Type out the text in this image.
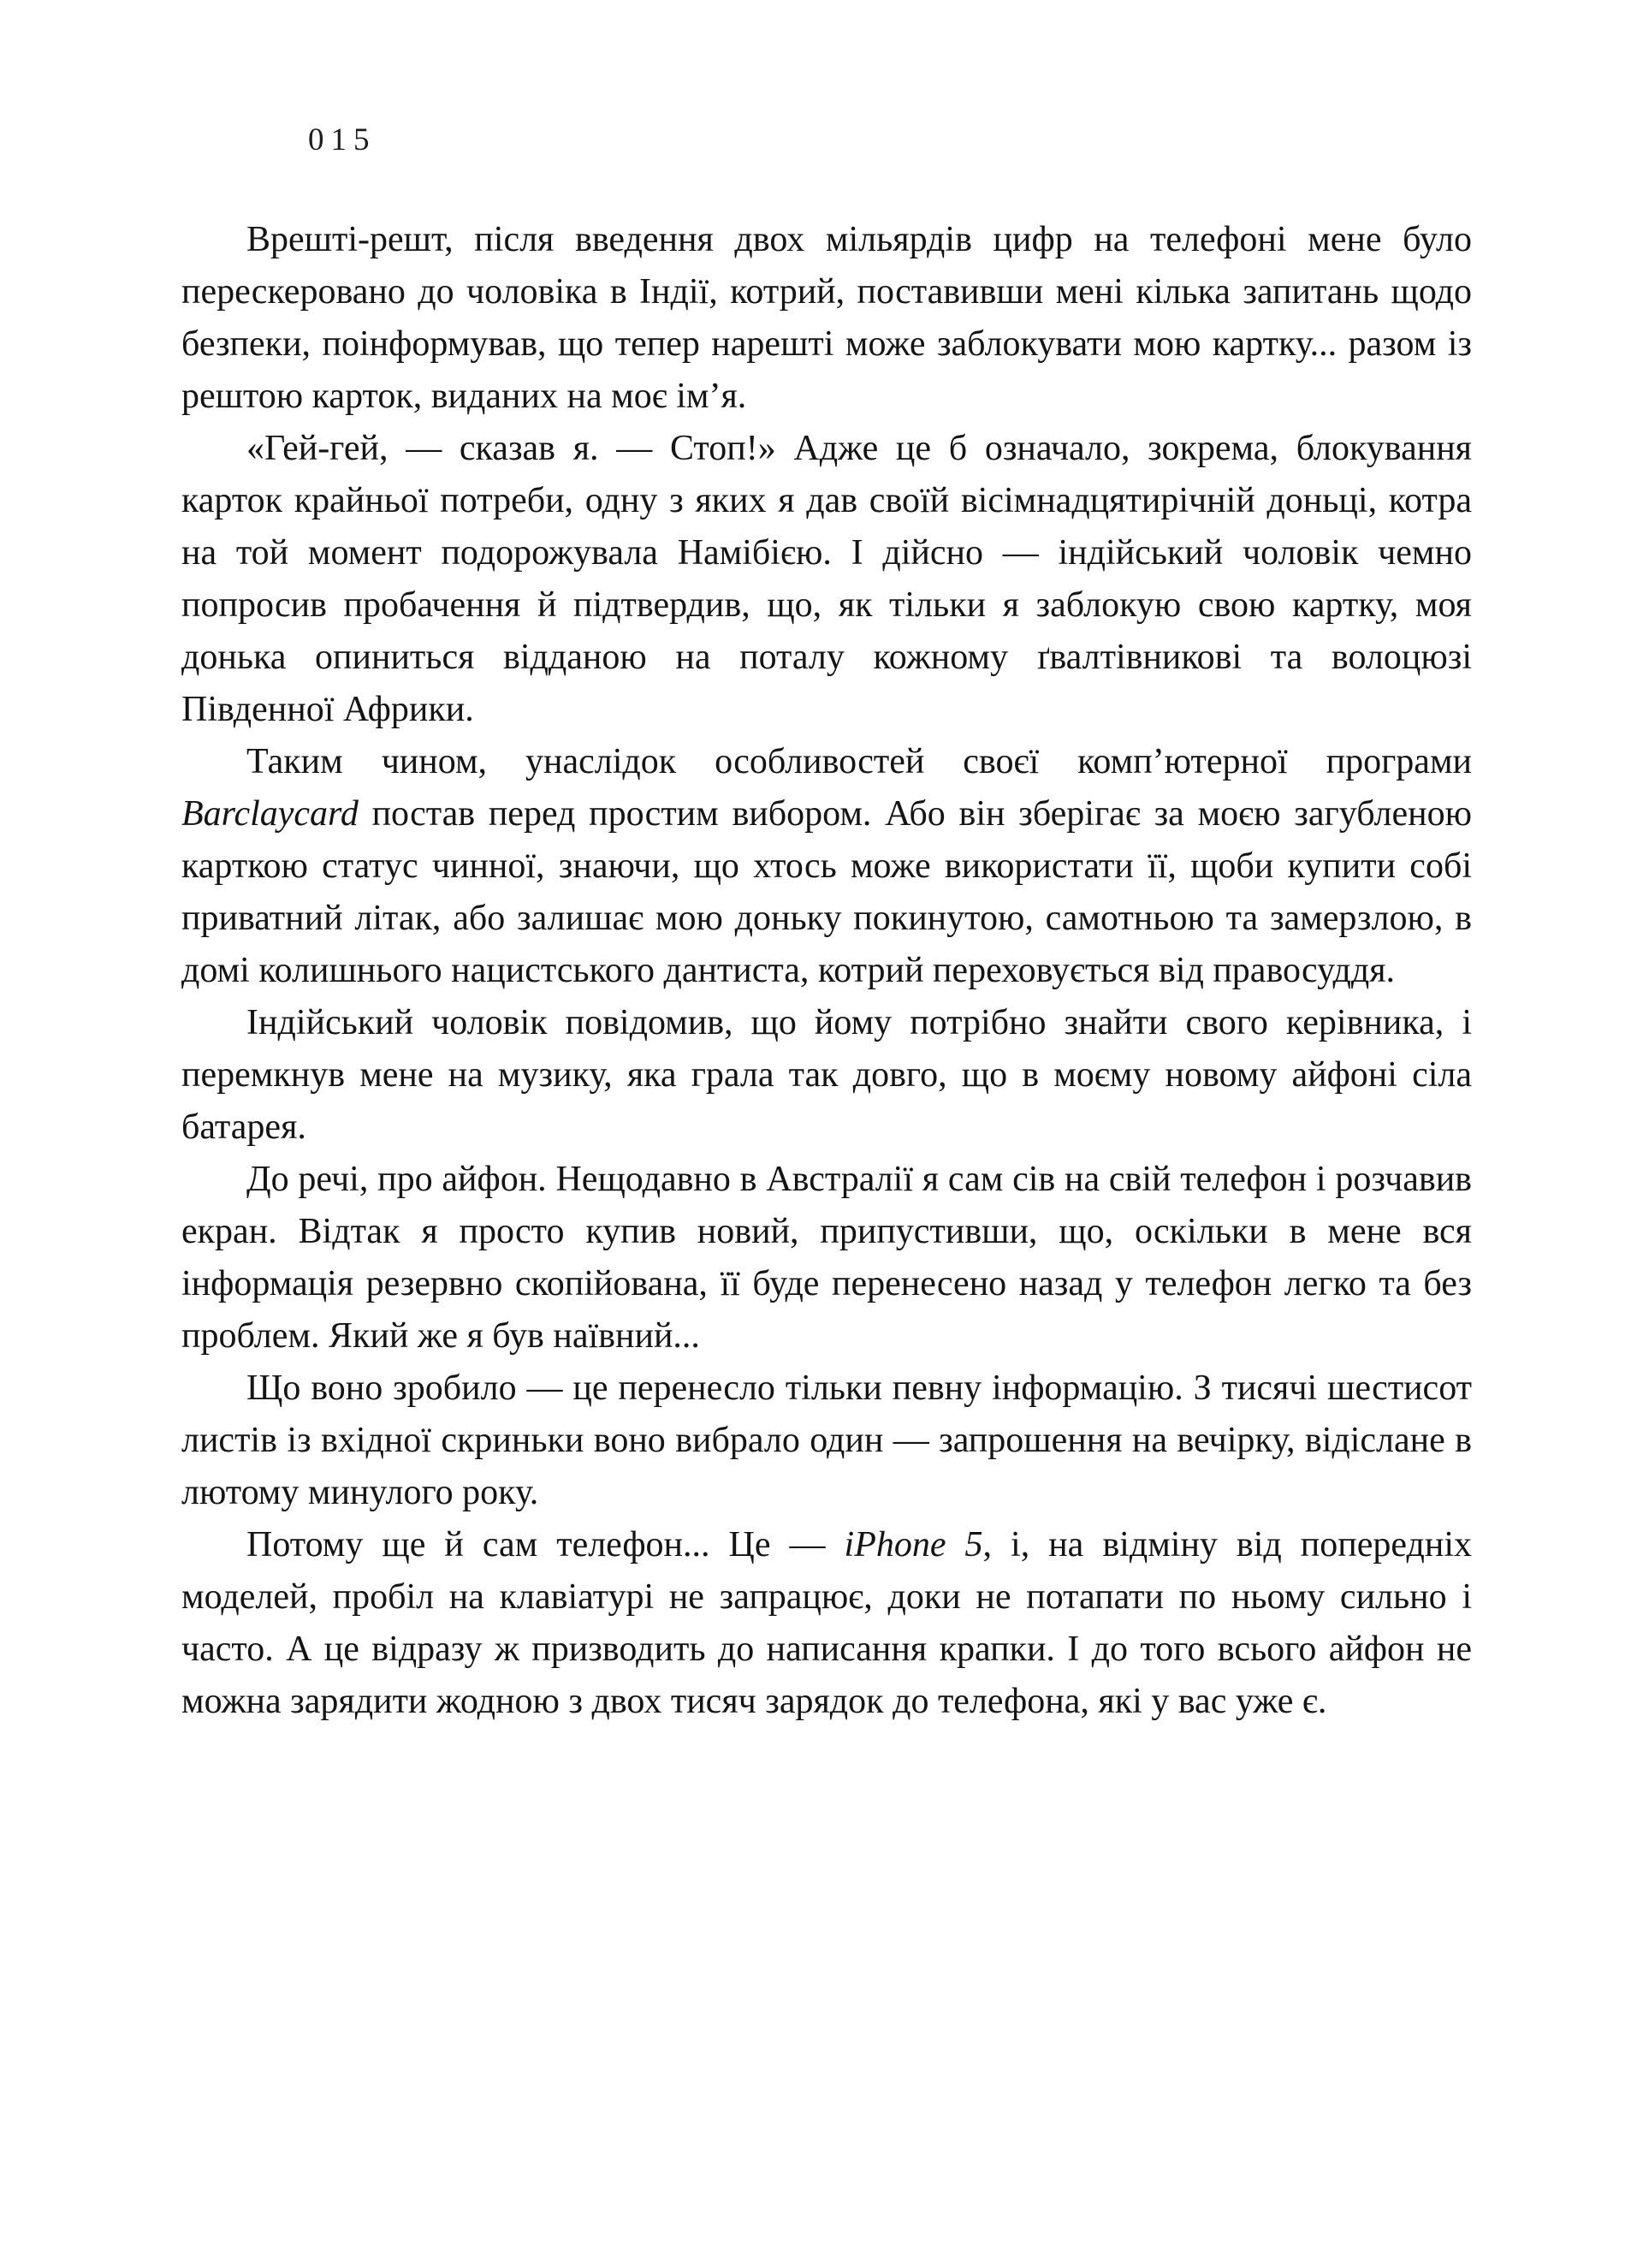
015

Врешті-решт, після введення двох мільярдів цифр на телефоні мене було перескеровано до чоловіка в Індії, котрий, поставивши мені кілька запитань щодо безпеки, поінформував, що тепер нарешті може заблокувати мою картку... разом із рештою карток, виданих на моє ім’я.

«Гей-гей, — сказав я. — Стоп!» Адже це б означало, зокрема, блокування карток крайньої потреби, одну з яких я дав своїй вісімнадцятирічній доньці, котра на той момент подорожувала Намібією. І дійсно — індійський чоловік чемно попросив пробачення й підтвердив, що, як тільки я заблокую свою картку, моя донька опиниться відданою на поталу кожному ґвалтівникові та волоцюзі Південної Африки.

Таким чином, унаслідок особливостей своєї комп’ютерної програми Barclaycard постав перед простим вибором. Або він зберігає за моєю загубленою карткою статус чинної, знаючи, що хтось може використати її, щоби купити собі приватний літак, або залишає мою доньку покинутою, самотньою та замерзлою, в домі колишнього нацистського дантиста, котрий переховується від правосуддя.

Індійський чоловік повідомив, що йому потрібно знайти свого керівника, і перемкнув мене на музику, яка грала так довго, що в моєму новому айфоні сіла батарея.

До речі, про айфон. Нещодавно в Австралії я сам сів на свій телефон і розчавив екран. Відтак я просто купив новий, припустивши, що, оскільки в мене вся інформація резервно скопійована, її буде перенесено назад у телефон легко та без проблем. Який же я був наївний...

Що воно зробило — це перенесло тільки певну інформацію. З тисячі шестисот листів із вхідної скриньки воно вибрало один — запрошення на вечірку, відіслане в лютому минулого року.

Потому ще й сам телефон... Це — iPhone 5, і, на відміну від попередніх моделей, пробіл на клавіатурі не запрацює, доки не потапати по ньому сильно і часто. А це відразу ж призводить до написання крапки. І до того всього айфон не можна зарядити жодною з двох тисяч зарядок до телефона, які у вас уже є.
